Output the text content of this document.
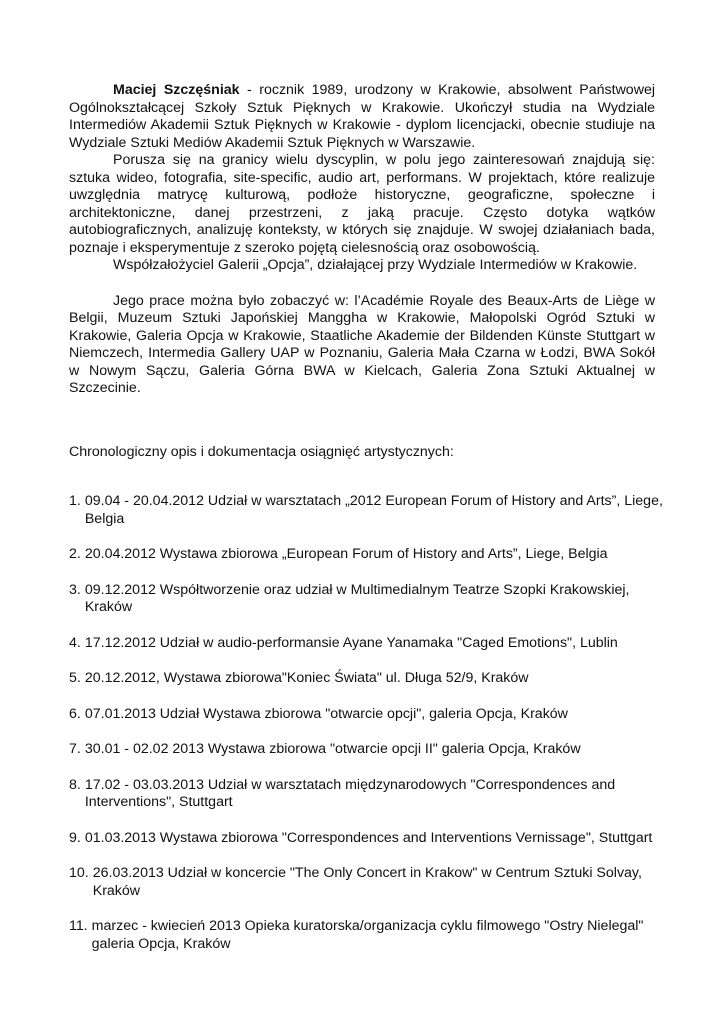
Maciej Szczęśniak - rocznik 1989, urodzony w Krakowie, absolwent Państwowej Ogólnokształcącej Szkoły Sztuk Pięknych w Krakowie. Ukończył studia na Wydziale Intermediów Akademii Sztuk Pięknych w Krakowie - dyplom licencjacki, obecnie studiuje na Wydziale Sztuki Mediów Akademii Sztuk Pięknych w Warszawie.

Porusza się na granicy wielu dyscyplin, w polu jego zainteresowań znajdują się: sztuka wideo, fotografia, site-specific, audio art, performans. W projektach, które realizuje uwzględnia matrycę kulturową, podłoże historyczne, geograficzne, społeczne i architektoniczne, danej przestrzeni, z jaką pracuje. Często dotyka wątków autobiograficznych, analizuję konteksty, w których się znajduje. W swojej działaniach bada, poznaje i eksperymentuje z szeroko pojętą cielesnością oraz osobowością.

Współzałożyciel Galerii „Opcja”, działającej przy Wydziale Intermediów w Krakowie.

Jego prace można było zobaczyć w: l’Académie Royale des Beaux-Arts de Liège w Belgii, Muzeum Sztuki Japońskiej Manggha w Krakowie, Małopolski Ogród Sztuki w Krakowie, Galeria Opcja w Krakowie, Staatliche Akademie der Bildenden Künste Stuttgart w Niemczech, Intermedia Gallery UAP w Poznaniu, Galeria Mała Czarna w Łodzi, BWA Sokół w Nowym Sączu, Galeria Górna BWA w Kielcach, Galeria Zona Sztuki Aktualnej w Szczecinie.

Chronologiczny opis i dokumentacja osiągnięć artystycznych:
1. 09.04 - 20.04.2012 Udział w warsztatach „2012 European Forum of History and Arts”, Liege, Belgia
2. 20.04.2012 Wystawa zbiorowa „European Forum of History and Arts”, Liege, Belgia
3. 09.12.2012 Współtworzenie oraz udział w Multimedialnym Teatrze Szopki Krakowskiej, Kraków
4. 17.12.2012 Udział w audio-performansie Ayane Yanamaka "Caged Emotions", Lublin
5. 20.12.2012, Wystawa zbiorowa"Koniec Świata" ul. Długa 52/9, Kraków
6. 07.01.2013 Udział Wystawa zbiorowa "otwarcie opcji", galeria Opcja, Kraków
7. 30.01 - 02.02 2013 Wystawa zbiorowa "otwarcie opcji II" galeria Opcja, Kraków
8. 17.02 - 03.03.2013 Udział w warsztatach międzynarodowych "Correspondences and Interventions", Stuttgart
9. 01.03.2013 Wystawa zbiorowa "Correspondences and Interventions Vernissage", Stuttgart
10. 26.03.2013 Udział w koncercie "The Only Concert in Krakow" w Centrum Sztuki Solvay, Kraków
11. marzec - kwiecień 2013 Opieka kuratorska/organizacja cyklu filmowego "Ostry Nielegal" galeria Opcja, Kraków
